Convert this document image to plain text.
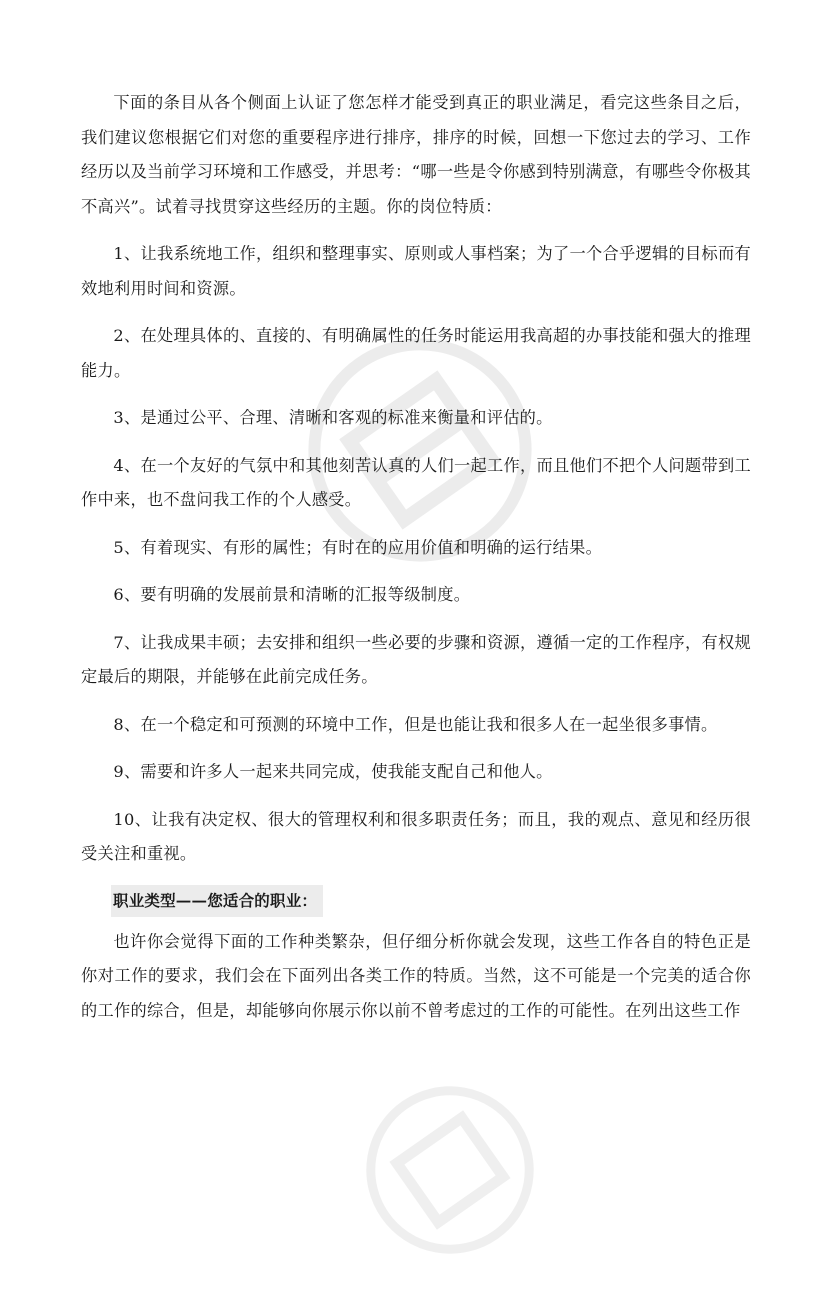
下面的条目从各个侧面上认证了您怎样才能受到真正的职业满足，看完这些条目之后，我们建议您根据它们对您的重要程序进行排序，排序的时候，回想一下您过去的学习、工作经历以及当前学习环境和工作感受，并思考：“哪一些是令你感到特别满意，有哪些令你极其不高兴”。试着寻找贯穿这些经历的主题。你的岗位特质：

1、让我系统地工作，组织和整理事实、原则或人事档案；为了一个合乎逻辑的目标而有效地利用时间和资源。

2、在处理具体的、直接的、有明确属性的任务时能运用我高超的办事技能和强大的推理能力。

3、是通过公平、合理、清晰和客观的标准来衡量和评估的。

4、在一个友好的气氛中和其他刻苦认真的人们一起工作，而且他们不把个人问题带到工作中来，也不盘问我工作的个人感受。

5、有着现实、有形的属性；有时在的应用价值和明确的运行结果。

6、要有明确的发展前景和清晰的汇报等级制度。

7、让我成果丰硕；去安排和组织一些必要的步骤和资源，遵循一定的工作程序，有权规定最后的期限，并能够在此前完成任务。

8、在一个稳定和可预测的环境中工作，但是也能让我和很多人在一起坐很多事情。

9、需要和许多人一起来共同完成，使我能支配自己和他人。

10、让我有决定权、很大的管理权利和很多职责任务；而且，我的观点、意见和经历很受关注和重视。

职业类型——您适合的职业：

也许你会觉得下面的工作种类繁杂，但仔细分析你就会发现，这些工作各自的特色正是你对工作的要求，我们会在下面列出各类工作的特质。当然，这不可能是一个完美的适合你的工作的综合，但是，却能够向你展示你以前不曾考虑过的工作的可能性。在列出这些工作
